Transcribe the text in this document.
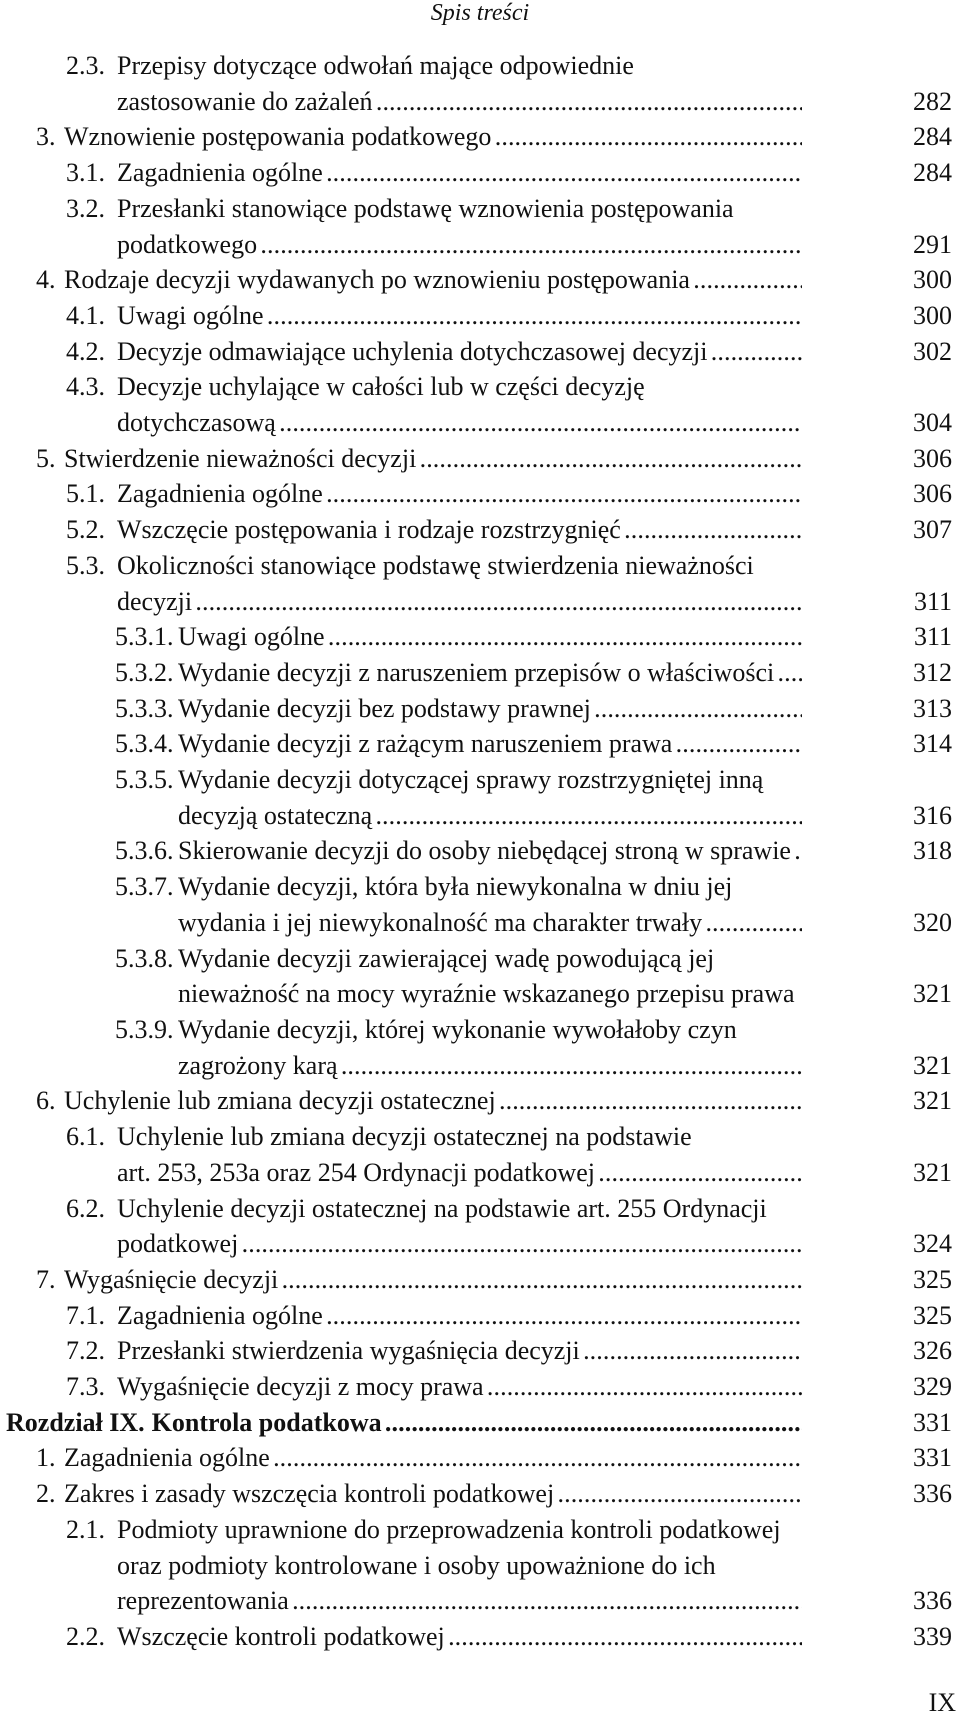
Spis treści
2.3. Przepisy dotyczące odwołań mające odpowiednie
zastosowanie do zażaleń . . .	282
3. Wznowienie postępowania podatkowego . . .	284
3.1. Zagadnienia ogólne . . .	284
3.2. Przesłanki stanowiące podstawę wznowienia postępowania
podatkowego . . .	291
4. Rodzaje decyzji wydawanych po wznowieniu postępowania . . .	300
4.1. Uwagi ogólne . . .	300
4.2. Decyzje odmawiające uchylenia dotychczasowej decyzji . . .	302
4.3. Decyzje uchylające w całości lub w części decyzję
dotychczasową . . .	304
5. Stwierdzenie nieważności decyzji . . .	306
5.1. Zagadnienia ogólne . . .	306
5.2. Wszczęcie postępowania i rodzaje rozstrzygnięć . . .	307
5.3. Okoliczności stanowiące podstawę stwierdzenia nieważności
decyzji . . .	311
5.3.1. Uwagi ogólne . . .	311
5.3.2. Wydanie decyzji z naruszeniem przepisów o właściwości . . .	312
5.3.3. Wydanie decyzji bez podstawy prawnej . . .	313
5.3.4. Wydanie decyzji z rażącym naruszeniem prawa . . .	314
5.3.5. Wydanie decyzji dotyczącej sprawy rozstrzygniętej inną
decyzją ostateczną . . .	316
5.3.6. Skierowanie decyzji do osoby niebędącej stroną w sprawie . . .	318
5.3.7. Wydanie decyzji, która była niewykonalna w dniu jej
wydania i jej niewykonalność ma charakter trwały . . .	320
5.3.8. Wydanie decyzji zawierającej wadę powodującą jej
nieważność na mocy wyraźnie wskazanego przepisu prawa	321
5.3.9. Wydanie decyzji, której wykonanie wywołałoby czyn
zagrożony karą . . .	321
6. Uchylenie lub zmiana decyzji ostatecznej . . .	321
6.1. Uchylenie lub zmiana decyzji ostatecznej na podstawie
art. 253, 253a oraz 254 Ordynacji podatkowej . . .	321
6.2. Uchylenie decyzji ostatecznej na podstawie art. 255 Ordynacji
podatkowej . . .	324
7. Wygaśnięcie decyzji . . .	325
7.1. Zagadnienia ogólne . . .	325
7.2. Przesłanki stwierdzenia wygaśnięcia decyzji . . .	326
7.3. Wygaśnięcie decyzji z mocy prawa . . .	329
Rozdział IX. Kontrola podatkowa . . .	331
1. Zagadnienia ogólne . . .	331
2. Zakres i zasady wszczęcia kontroli podatkowej . . .	336
2.1. Podmioty uprawnione do przeprowadzenia kontroli podatkowej
oraz podmioty kontrolowane i osoby upoważnione do ich
reprezentowania . . .	336
2.2. Wszczęcie kontroli podatkowej . . .	339
IX
